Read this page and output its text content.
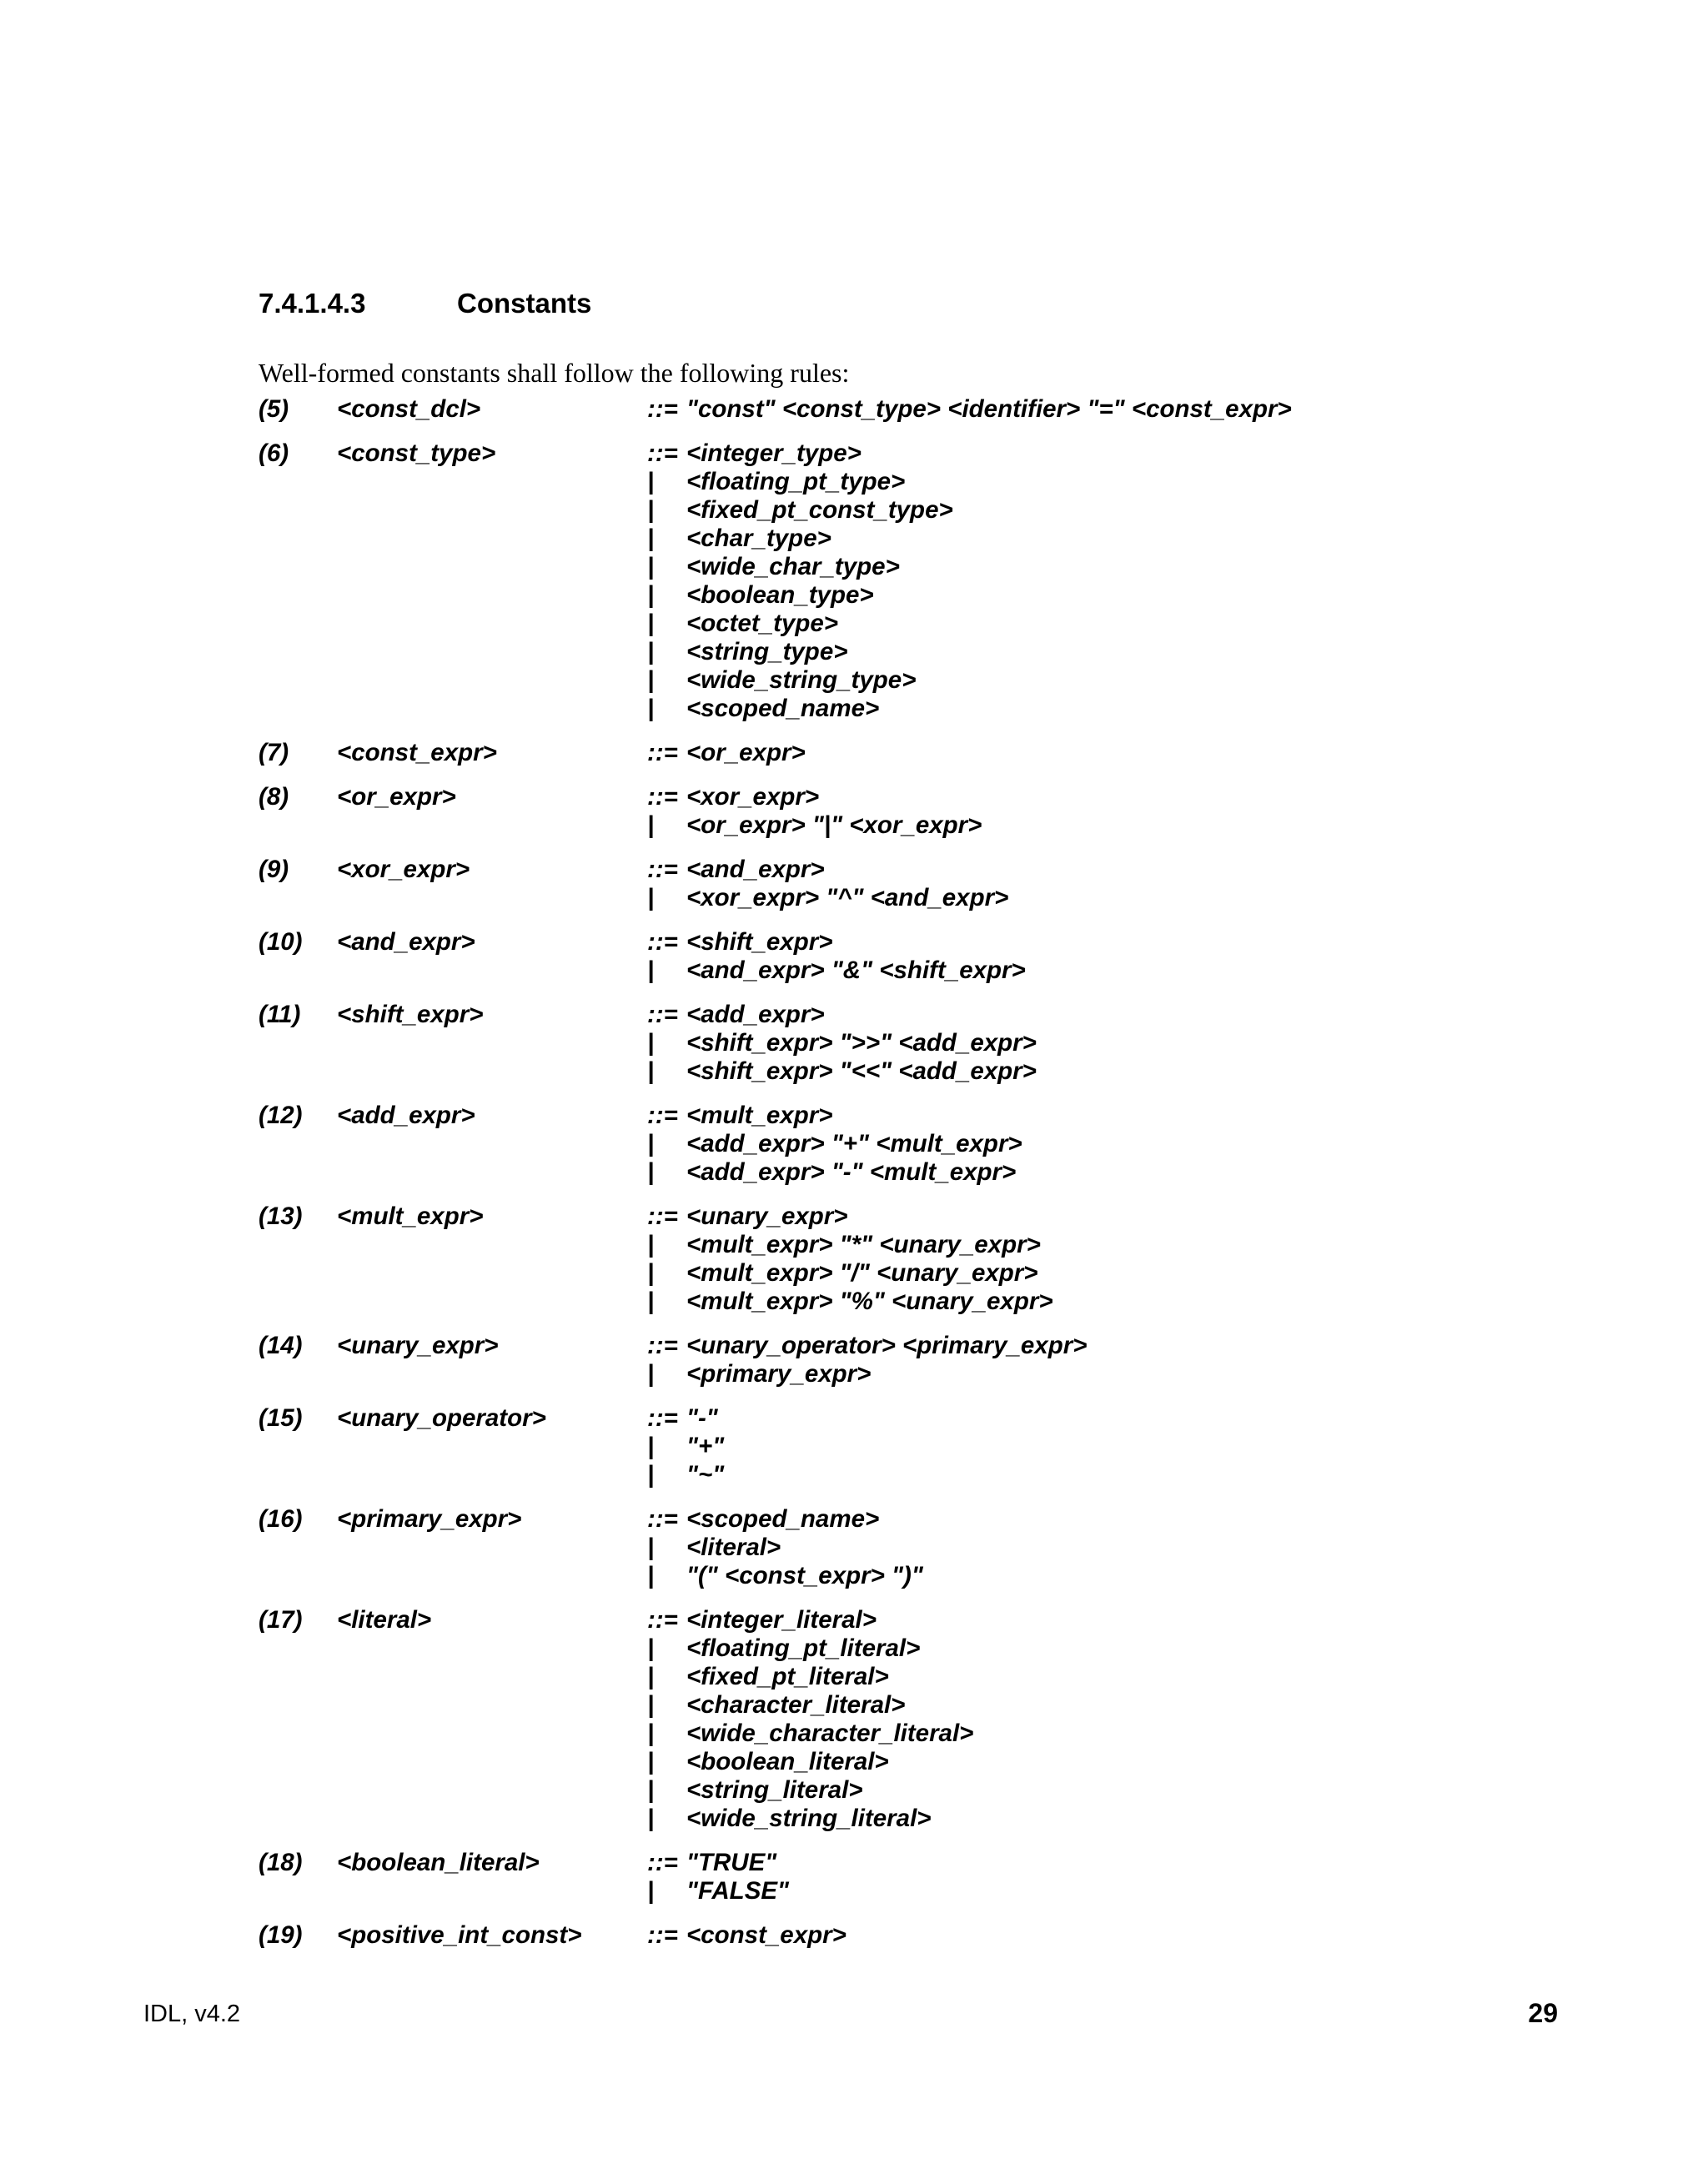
7.4.1.4.3	Constants
Well-formed constants shall follow the following rules:
(5) <const_dcl>	::= "const" <const_type> <identifier> "=" <const_expr>
(6) <const_type>	::= <integer_type>
| <floating_pt_type>
| <fixed_pt_const_type>
| <char_type>
| <wide_char_type>
| <boolean_type>
| <octet_type>
| <string_type>
| <wide_string_type>
| <scoped_name>
(7) <const_expr>	::= <or_expr>
(8) <or_expr>	::= <xor_expr>
| <or_expr> "|" <xor_expr>
(9) <xor_expr>	::= <and_expr>
| <xor_expr> "^" <and_expr>
(10) <and_expr>	::= <shift_expr>
| <and_expr> "&" <shift_expr>
(11) <shift_expr>	::= <add_expr>
| <shift_expr> ">>" <add_expr>
| <shift_expr> "<<" <add_expr>
(12) <add_expr>	::= <mult_expr>
| <add_expr> "+" <mult_expr>
| <add_expr> "-" <mult_expr>
(13) <mult_expr>	::= <unary_expr>
| <mult_expr> "*" <unary_expr>
| <mult_expr> "/" <unary_expr>
| <mult_expr> "%" <unary_expr>
(14) <unary_expr>	::= <unary_operator> <primary_expr>
| <primary_expr>
(15) <unary_operator>	::= "-"
| "+"
| "~"
(16) <primary_expr>	::= <scoped_name>
| <literal>
| "(" <const_expr> ")"
(17) <literal>	::= <integer_literal>
| <floating_pt_literal>
| <fixed_pt_literal>
| <character_literal>
| <wide_character_literal>
| <boolean_literal>
| <string_literal>
| <wide_string_literal>
(18) <boolean_literal>	::= "TRUE"
| "FALSE"
(19) <positive_int_const>	::= <const_expr>
IDL, v4.2	29
